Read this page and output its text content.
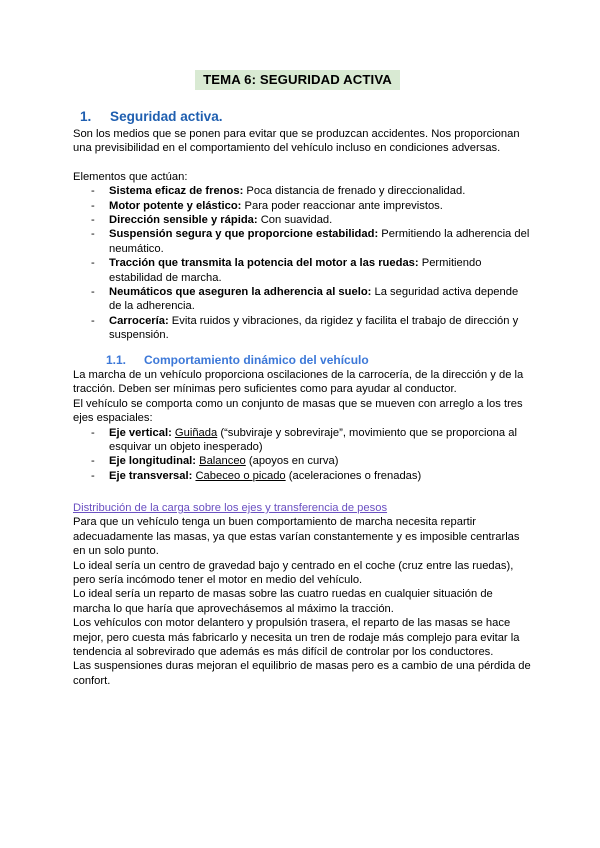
TEMA 6: SEGURIDAD ACTIVA
1. Seguridad activa.

Son los medios que se ponen para evitar que se produzcan accidentes. Nos proporcionan una previsibilidad en el comportamiento del vehículo incluso en condiciones adversas.

Elementos que actúan:

- Sistema eficaz de frenos: Poca distancia de frenado y direccionalidad.
- Motor potente y elástico: Para poder reaccionar ante imprevistos.
- Dirección sensible y rápida: Con suavidad.
- Suspensión segura y que proporcione estabilidad: Permitiendo la adherencia del neumático.
- Tracción que transmita la potencia del motor a las ruedas: Permitiendo estabilidad de marcha.
- Neumáticos que aseguren la adherencia al suelo: La seguridad activa depende de la adherencia.
- Carrocería: Evita ruidos y vibraciones, da rigidez y facilita el trabajo de dirección y suspensión.
1.1. Comportamiento dinámico del vehículo

La marcha de un vehículo proporciona oscilaciones de la carrocería, de la dirección y de la tracción. Deben ser mínimas pero suficientes como para ayudar al conductor.

El vehículo se comporta como un conjunto de masas que se mueven con arreglo a los tres ejes espaciales:

- Eje vertical: Guiñada (“subviraje y sobreviraje”, movimiento que se proporciona al esquivar un objeto inesperado)
- Eje longitudinal: Balanceo (apoyos en curva)
- Eje transversal: Cabeceo o picado (aceleraciones o frenadas)

Distribución de la carga sobre los ejes y transferencia de pesos

Para que un vehículo tenga un buen comportamiento de marcha necesita repartir adecuadamente las masas, ya que estas varían constantemente y es imposible centrarlas en un solo punto.

Lo ideal sería un centro de gravedad bajo y centrado en el coche (cruz entre las ruedas), pero sería incómodo tener el motor en medio del vehículo.

Lo ideal sería un reparto de masas sobre las cuatro ruedas en cualquier situación de marcha lo que haría que aprovechásemos al máximo la tracción.

Los vehículos con motor delantero y propulsión trasera, el reparto de las masas se hace mejor, pero cuesta más fabricarlo y necesita un tren de rodaje más complejo para evitar la tendencia al sobrevirado que además es más difícil de controlar por los conductores.

Las suspensiones duras mejoran el equilibrio de masas pero es a cambio de una pérdida de confort.
